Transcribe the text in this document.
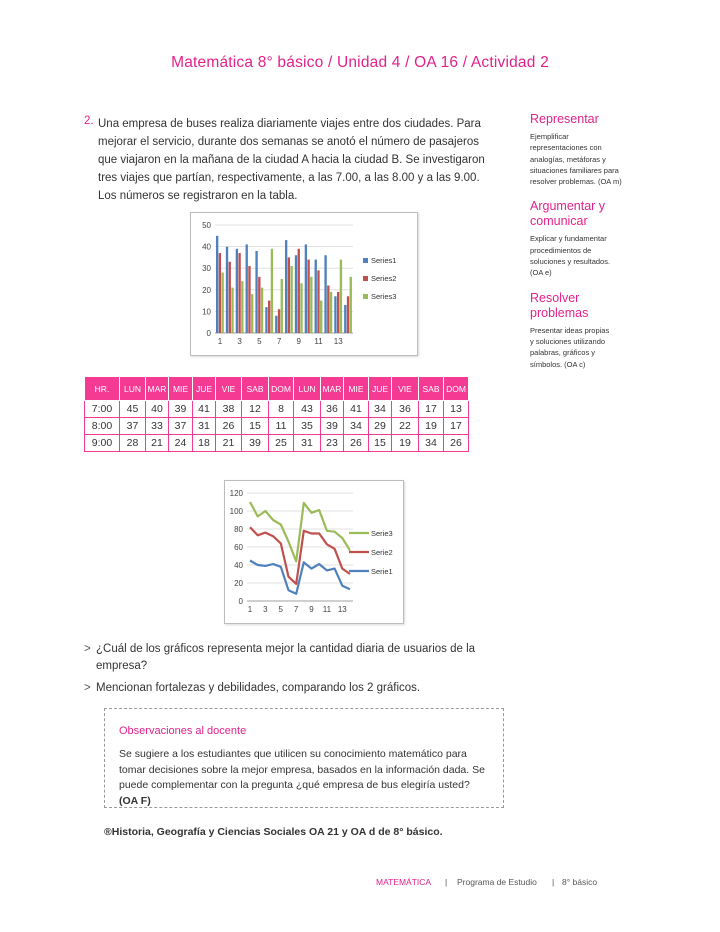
Matemática 8° básico / Unidad 4 / OA 16 / Actividad 2
2. Una empresa de buses realiza diariamente viajes entre dos ciudades. Para

mejorar el servicio, durante dos semanas se anotó el número de pasajeros

que viajaron en la mañana de la ciudad A hacia la ciudad B. Se investigaron

tres viajes que partían, respectivamente, a las 7.00, a las 8.00 y a las 9.00.

Los números se registraron en la tabla.

Representar
Ejemplificar
representaciones con
analogías, metáforas y
situaciones familiares para
resolver problemas. (OA m)
Argumentar y comunicar
Explicar y fundamentar
procedimientos de
soluciones y resultados.
(OA e)
Resolver problemas
Presentar ideas propias
y soluciones utilizando
palabras, gráficos y
símbolos. (OA c)
0
10
20
30
40
50
1 3 5 7 9 11 13
Series1
Series2
Series3
HR.	LUN	MAR	MIE	JUE	VIE	SAB	DOM	LUN	MAR	MIE	JUE	VIE	SAB	DOM
7:00	45	40	39	41	38	12	8	43	36	41	34	36	17	13
8:00	37	33	37	31	26	15	11	35	39	34	29	22	19	17
9:00	28	21	24	18	21	39	25	31	23	26	15	19	34	26
0
20
40
60
80
100
120
1 3 5 7 9 11 13
Serie3
Serie2
Serie1
> ¿Cuál de los gráficos representa mejor la cantidad diaria de usuarios de la empresa?
> Mencionan fortalezas y debilidades, comparando los 2 gráficos.
Observaciones al docente
Se sugiere a los estudiantes que utilicen su conocimiento matemático para tomar decisiones sobre la mejor empresa, basados en la información dada. Se puede complementar con la pregunta ¿qué empresa de bus elegiría usted? (OA F)
®Historia, Geografía y Ciencias Sociales OA 21 y OA d de 8° básico.
MATEMÁTICA | Programa de Estudio | 8° básico
